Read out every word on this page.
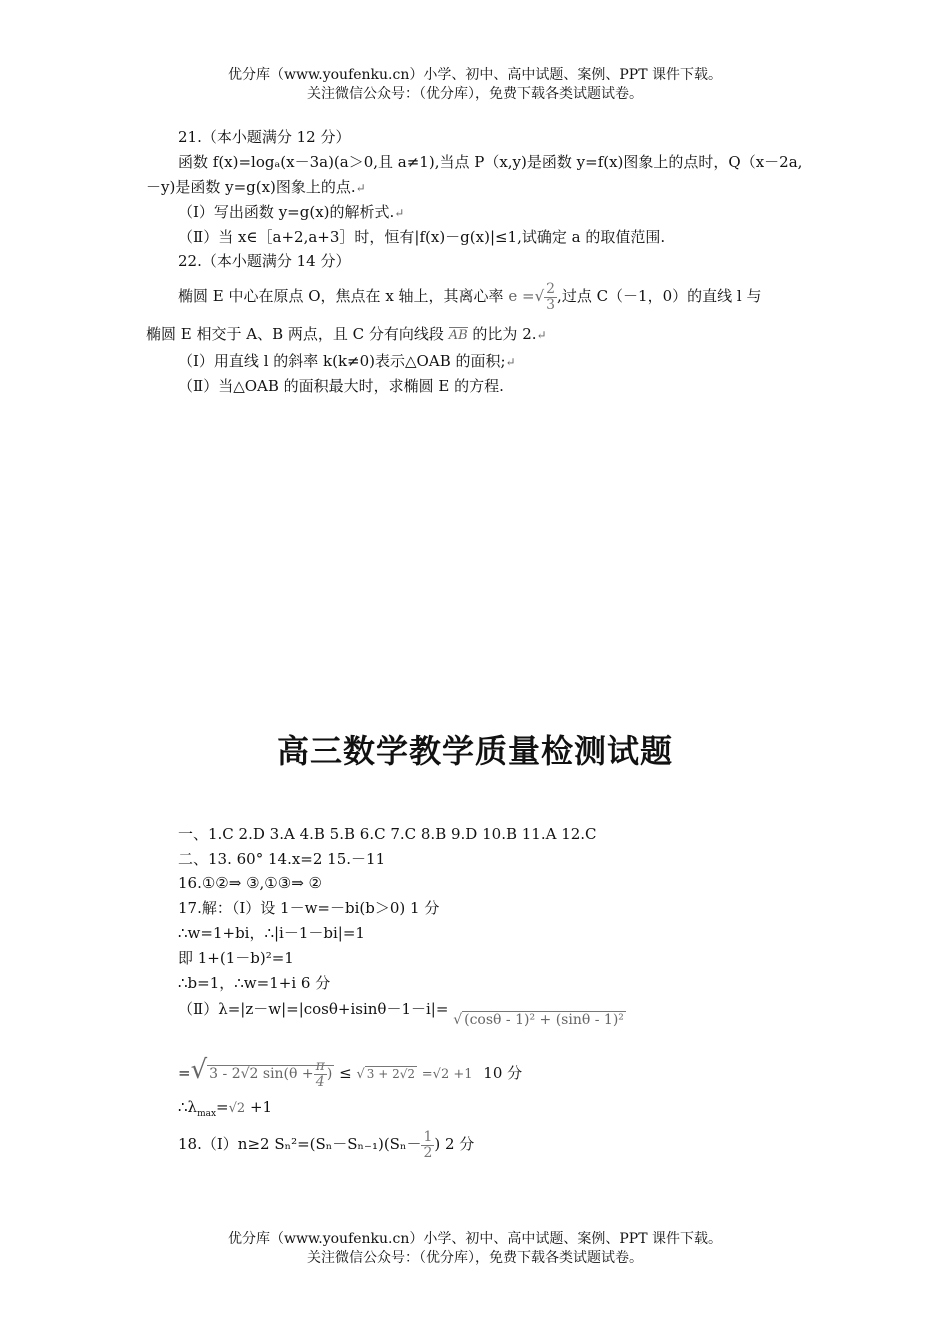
优分库（www.youfenku.cn）小学、初中、高中试题、案例、PPT 课件下载。
关注微信公众号：（优分库），免费下载各类试题试卷。
21.（本小题满分 12 分）
函数 f(x)=logₐ(x－3a)(a＞0,且 a≠1),当点 P（x,y)是函数 y=f(x)图象上的点时，Q（x－2a,
－y)是函数 y=g(x)图象上的点.↵
（Ⅰ）写出函数 y=g(x)的解析式.↵
（Ⅱ）当 x∈［a+2,a+3］时，恒有|f(x)－g(x)|≤1,试确定 a 的取值范围.
22.（本小题满分 14 分）
椭圆 E 中心在原点 O，焦点在 x 轴上，其离心率 e =√ $\frac{2}{3}$ ,过点 C（－1，0）的直线 l 与
椭圆 E 相交于 A、B 两点，且 C 分有向线段 AB 的比为 2.↵
（Ⅰ）用直线 l 的斜率 k(k≠0)表示△OAB 的面积;↵
（Ⅱ）当△OAB 的面积最大时，求椭圆 E 的方程.
高三数学教学质量检测试题
一、1.C 2.D 3.A 4.B 5.B 6.C 7.C 8.B 9.D 10.B 11.A 12.C
二、13. 60° 14.x=2 15.－11
16.①②⇒ ③,①③⇒ ②
17.解：（Ⅰ）设 1－w=－bi(b＞0) 1 分
∴w=1+bi，∴|i－1－bi|=1
即 1+(1－b)²=1
∴b=1，∴w=1+i 6 分
（Ⅱ）λ=|z－w|=|cosθ+isinθ－1－i|= √ (cosθ - 1)² + (sinθ - 1)²
=√ 3 - 2√2 $\sin(\theta + \frac{\pi}{4}$ ) ≤ √ 3 + 2√2 =√2 +1 10 分
$\therefore\lambda_{max}=√2 +1$
18.（Ⅰ）n≥2 $S_n^2=(S_n-S_{n-1})(S_n- \frac{1}{2}$ ) 2 分
优分库（www.youfenku.cn）小学、初中、高中试题、案例、PPT 课件下载。
关注微信公众号：（优分库），免费下载各类试题试卷。
